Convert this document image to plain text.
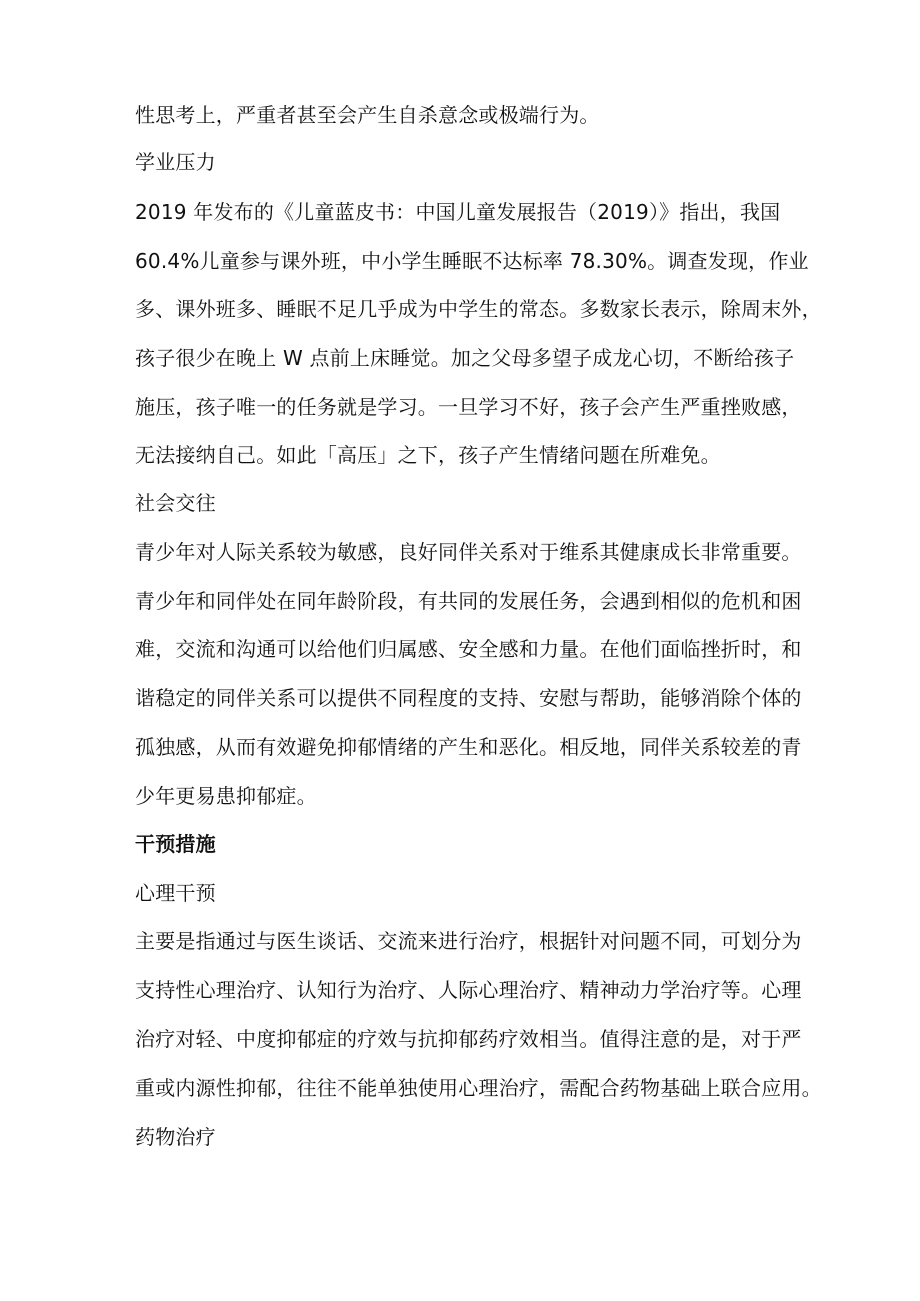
性思考上，严重者甚至会产生自杀意念或极端行为。

学业压力

2019 年发布的《儿童蓝皮书：中国儿童发展报告（2019）》指出，我国

60.4%儿童参与课外班，中小学生睡眠不达标率 78.30%。调查发现，作业

多、课外班多、睡眠不足几乎成为中学生的常态。多数家长表示，除周末外，

孩子很少在晚上 W 点前上床睡觉。加之父母多望子成龙心切，不断给孩子

施压，孩子唯一的任务就是学习。一旦学习不好，孩子会产生严重挫败感，

无法接纳自己。如此「高压」之下，孩子产生情绪问题在所难免。

社会交往

青少年对人际关系较为敏感，良好同伴关系对于维系其健康成长非常重要。

青少年和同伴处在同年龄阶段，有共同的发展任务，会遇到相似的危机和困

难，交流和沟通可以给他们归属感、安全感和力量。在他们面临挫折时，和

谐稳定的同伴关系可以提供不同程度的支持、安慰与帮助，能够消除个体的

孤独感，从而有效避免抑郁情绪的产生和恶化。相反地，同伴关系较差的青

少年更易患抑郁症。

干预措施

心理干预

主要是指通过与医生谈话、交流来进行治疗，根据针对问题不同，可划分为

支持性心理治疗、认知行为治疗、人际心理治疗、精神动力学治疗等。心理

治疗对轻、中度抑郁症的疗效与抗抑郁药疗效相当。值得注意的是，对于严

重或内源性抑郁，往往不能单独使用心理治疗，需配合药物基础上联合应用。

药物治疗
